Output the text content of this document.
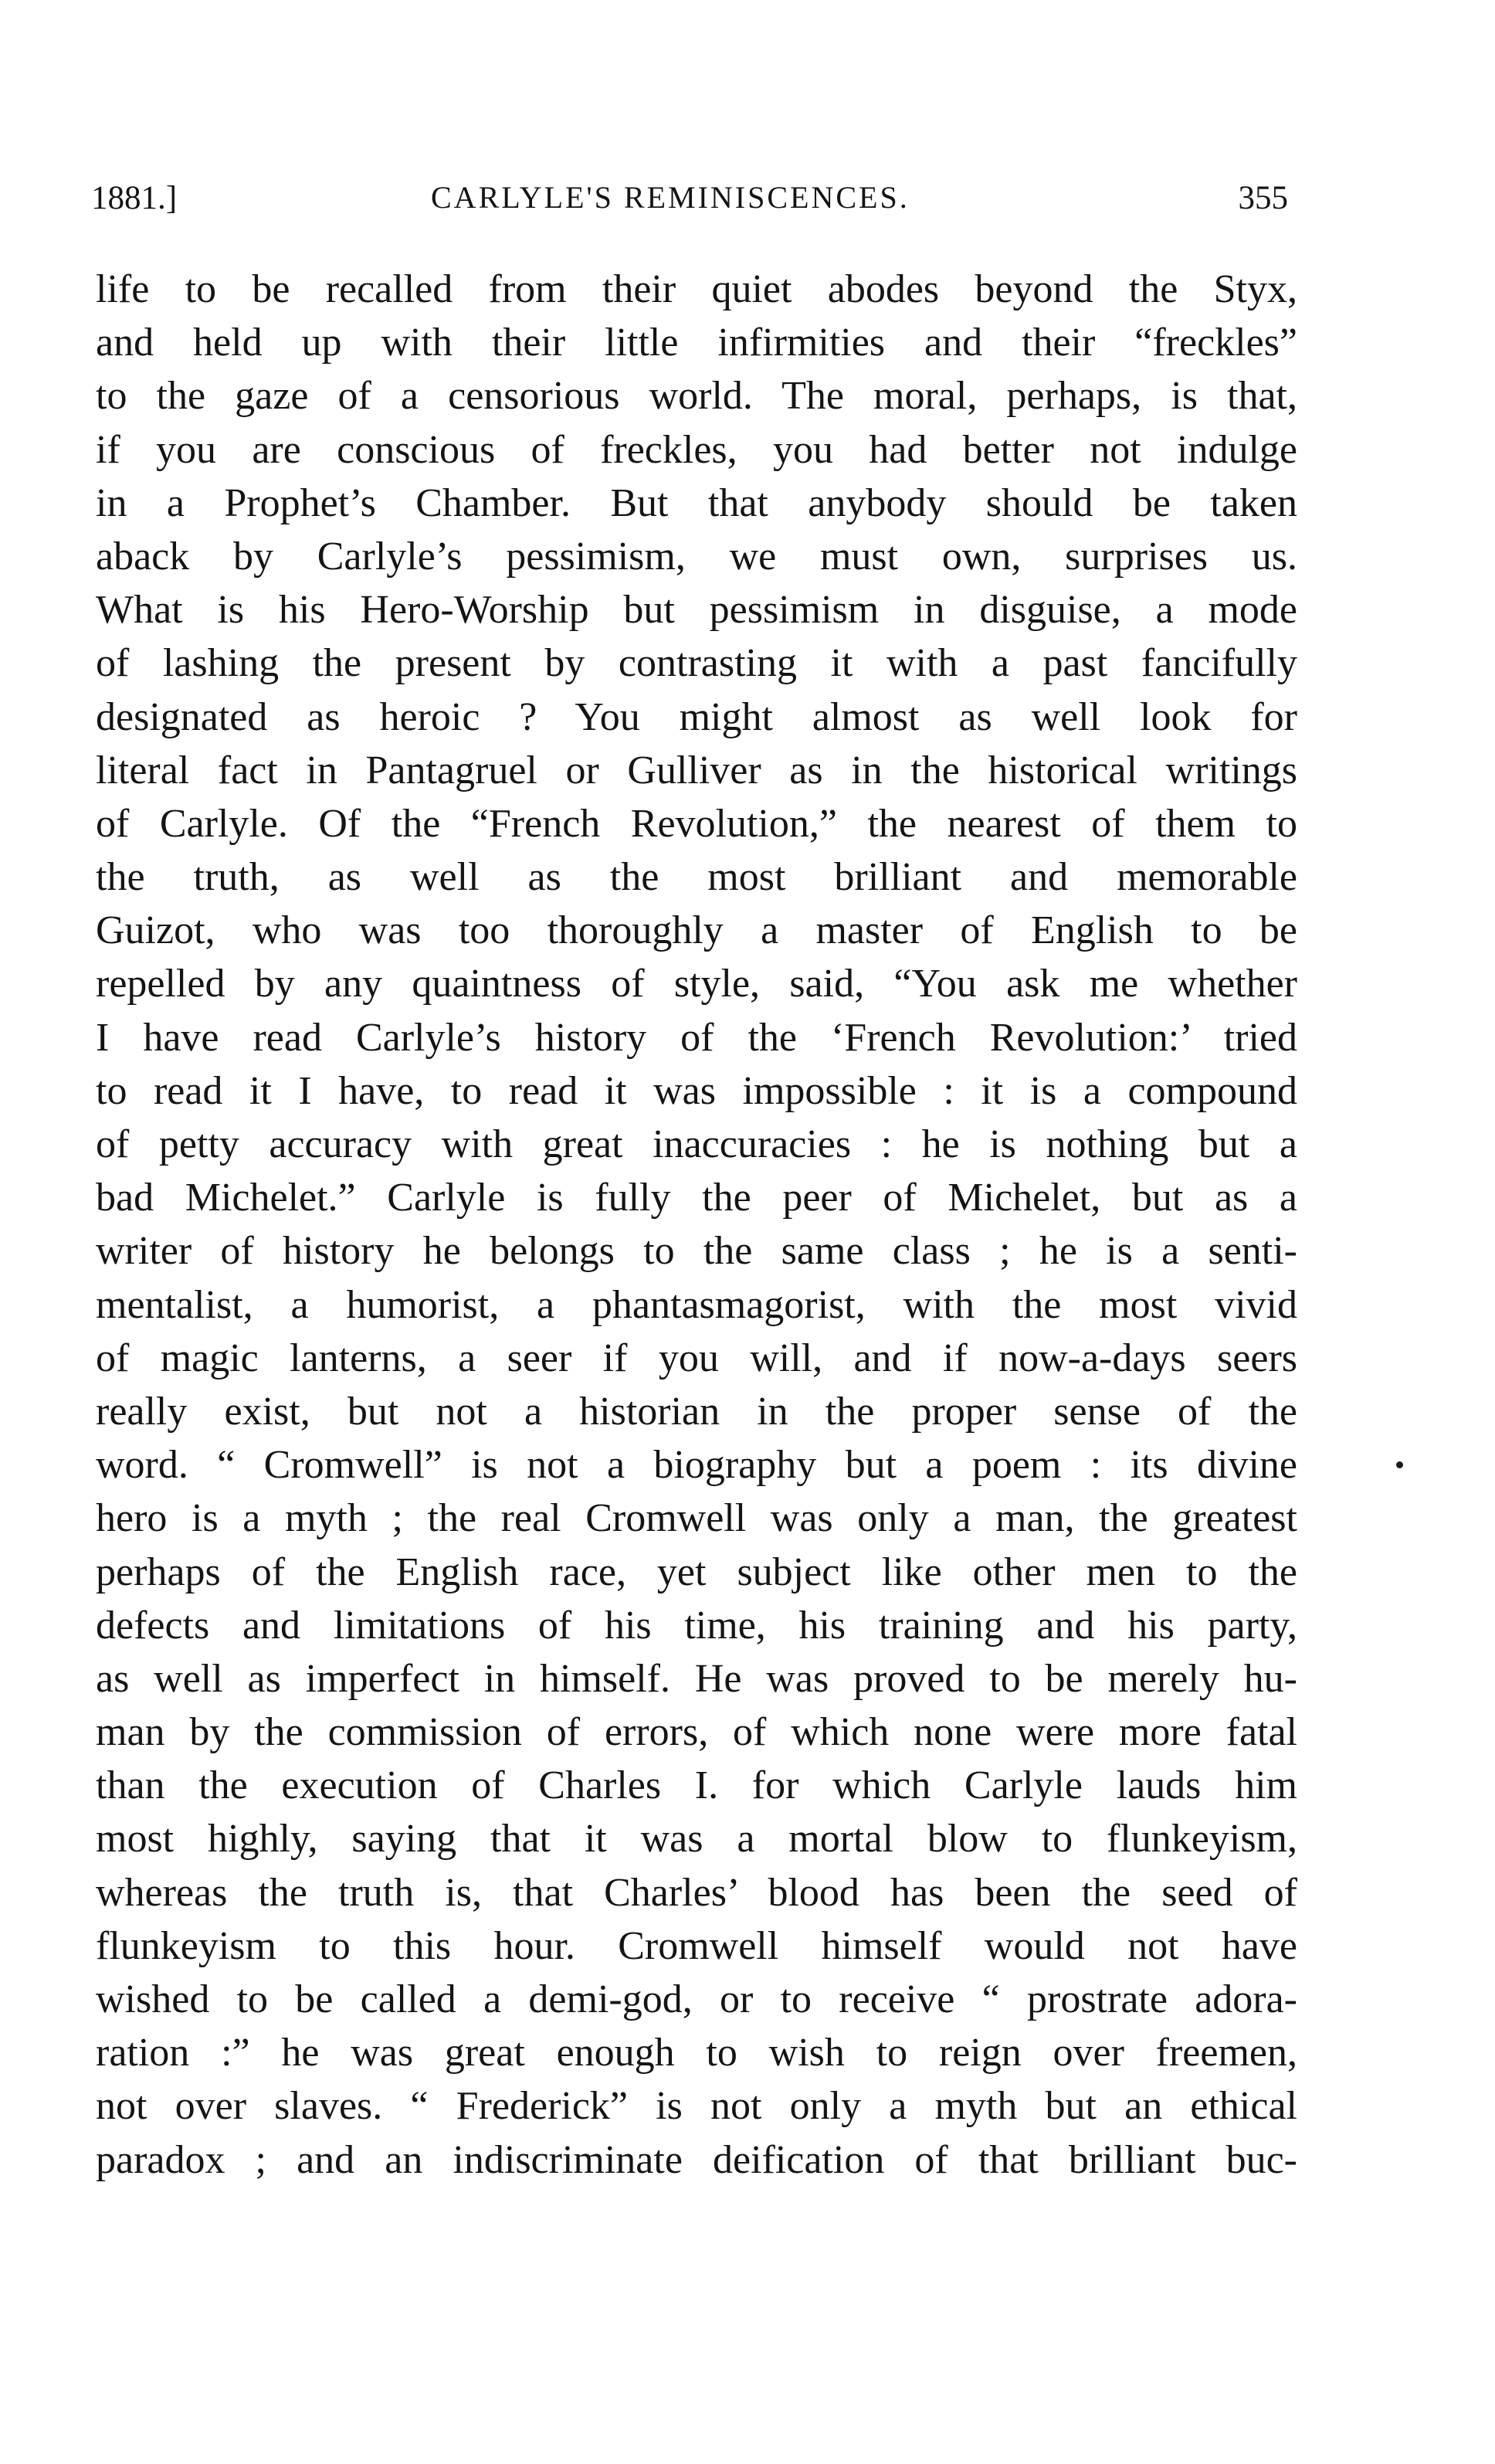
1881.]	CARLYLE'S REMINISCENCES.	355
life to be recalled from their quiet abodes beyond the Styx,
and held up with their little infirmities and their “freckles”
to the gaze of a censorious world. The moral, perhaps, is that,
if you are conscious of freckles, you had better not indulge
in a Prophet’s Chamber. But that anybody should be taken
aback by Carlyle’s pessimism, we must own, surprises us.
What is his Hero-Worship but pessimism in disguise, a mode
of lashing the present by contrasting it with a past fancifully
designated as heroic ? You might almost as well look for
literal fact in Pantagruel or Gulliver as in the historical writings
of Carlyle. Of the “French Revolution,” the nearest of them to
the truth, as well as the most brilliant and memorable
Guizot, who was too thoroughly a master of English to be
repelled by any quaintness of style, said, “You ask me whether
I have read Carlyle’s history of the ‘French Revolution:’ tried
to read it I have, to read it was impossible : it is a compound
of petty accuracy with great inaccuracies : he is nothing but a
bad Michelet.” Carlyle is fully the peer of Michelet, but as a
writer of history he belongs to the same class ; he is a senti-
mentalist, a humorist, a phantasmagorist, with the most vivid
of magic lanterns, a seer if you will, and if now-a-days seers
really exist, but not a historian in the proper sense of the
word. “ Cromwell” is not a biography but a poem : its divine
hero is a myth ; the real Cromwell was only a man, the greatest
perhaps of the English race, yet subject like other men to the
defects and limitations of his time, his training and his party,
as well as imperfect in himself. He was proved to be merely hu-
man by the commission of errors, of which none were more fatal
than the execution of Charles I. for which Carlyle lauds him
most highly, saying that it was a mortal blow to flunkeyism,
whereas the truth is, that Charles’ blood has been the seed of
flunkeyism to this hour. Cromwell himself would not have
wished to be called a demi-god, or to receive “ prostrate adora-
ration :” he was great enough to wish to reign over freemen,
not over slaves. “ Frederick” is not only a myth but an ethical
paradox ; and an indiscriminate deification of that brilliant buc-
